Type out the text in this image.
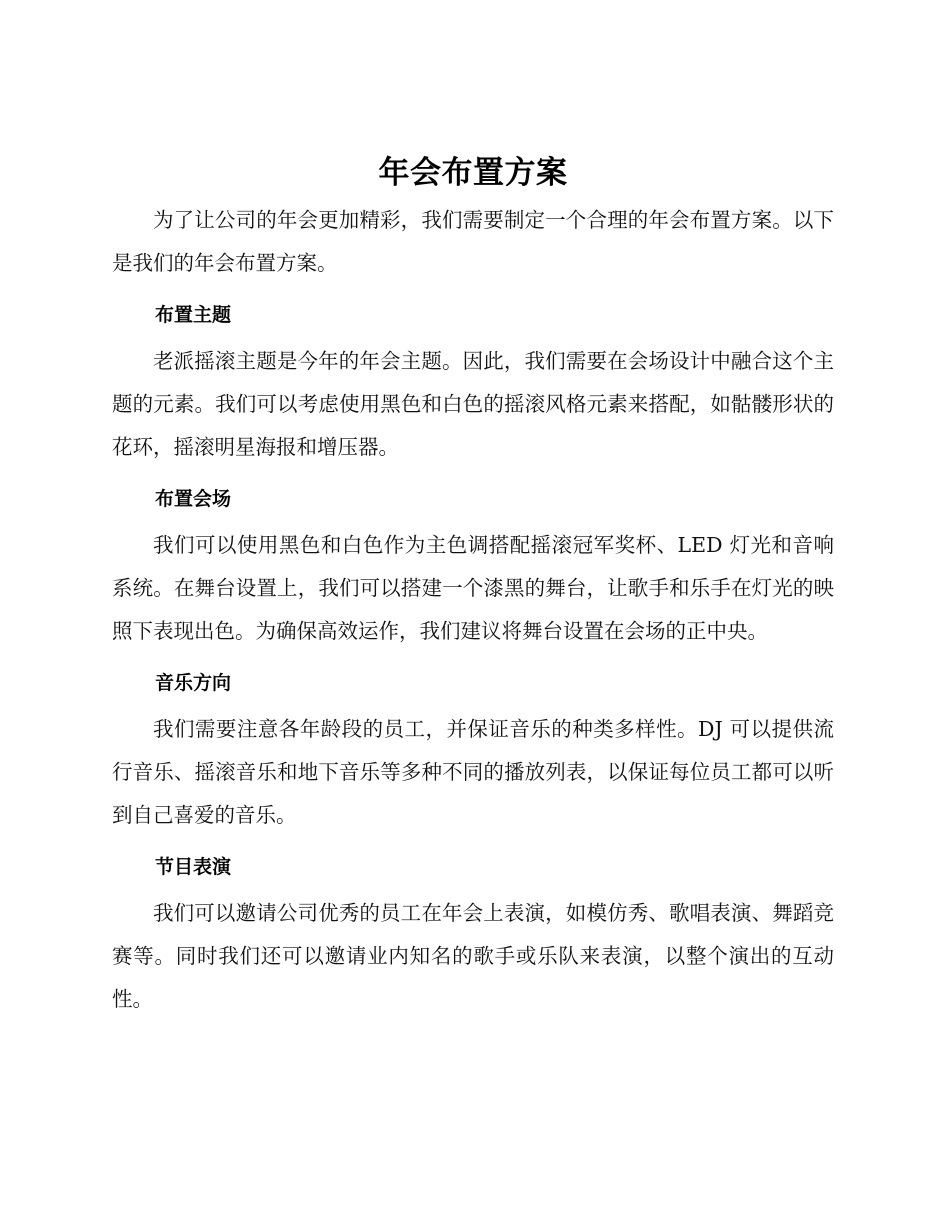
年会布置方案

为了让公司的年会更加精彩，我们需要制定一个合理的年会布置方案。以下是我们的年会布置方案。

布置主题

老派摇滚主题是今年的年会主题。因此，我们需要在会场设计中融合这个主题的元素。我们可以考虑使用黑色和白色的摇滚风格元素来搭配，如骷髅形状的花环，摇滚明星海报和增压器。

布置会场

我们可以使用黑色和白色作为主色调搭配摇滚冠军奖杯、LED 灯光和音响系统。在舞台设置上，我们可以搭建一个漆黑的舞台，让歌手和乐手在灯光的映照下表现出色。为确保高效运作，我们建议将舞台设置在会场的正中央。

音乐方向

我们需要注意各年龄段的员工，并保证音乐的种类多样性。DJ 可以提供流行音乐、摇滚音乐和地下音乐等多种不同的播放列表，以保证每位员工都可以听到自己喜爱的音乐。

节目表演

我们可以邀请公司优秀的员工在年会上表演，如模仿秀、歌唱表演、舞蹈竞赛等。同时我们还可以邀请业内知名的歌手或乐队来表演，以整个演出的互动性。
